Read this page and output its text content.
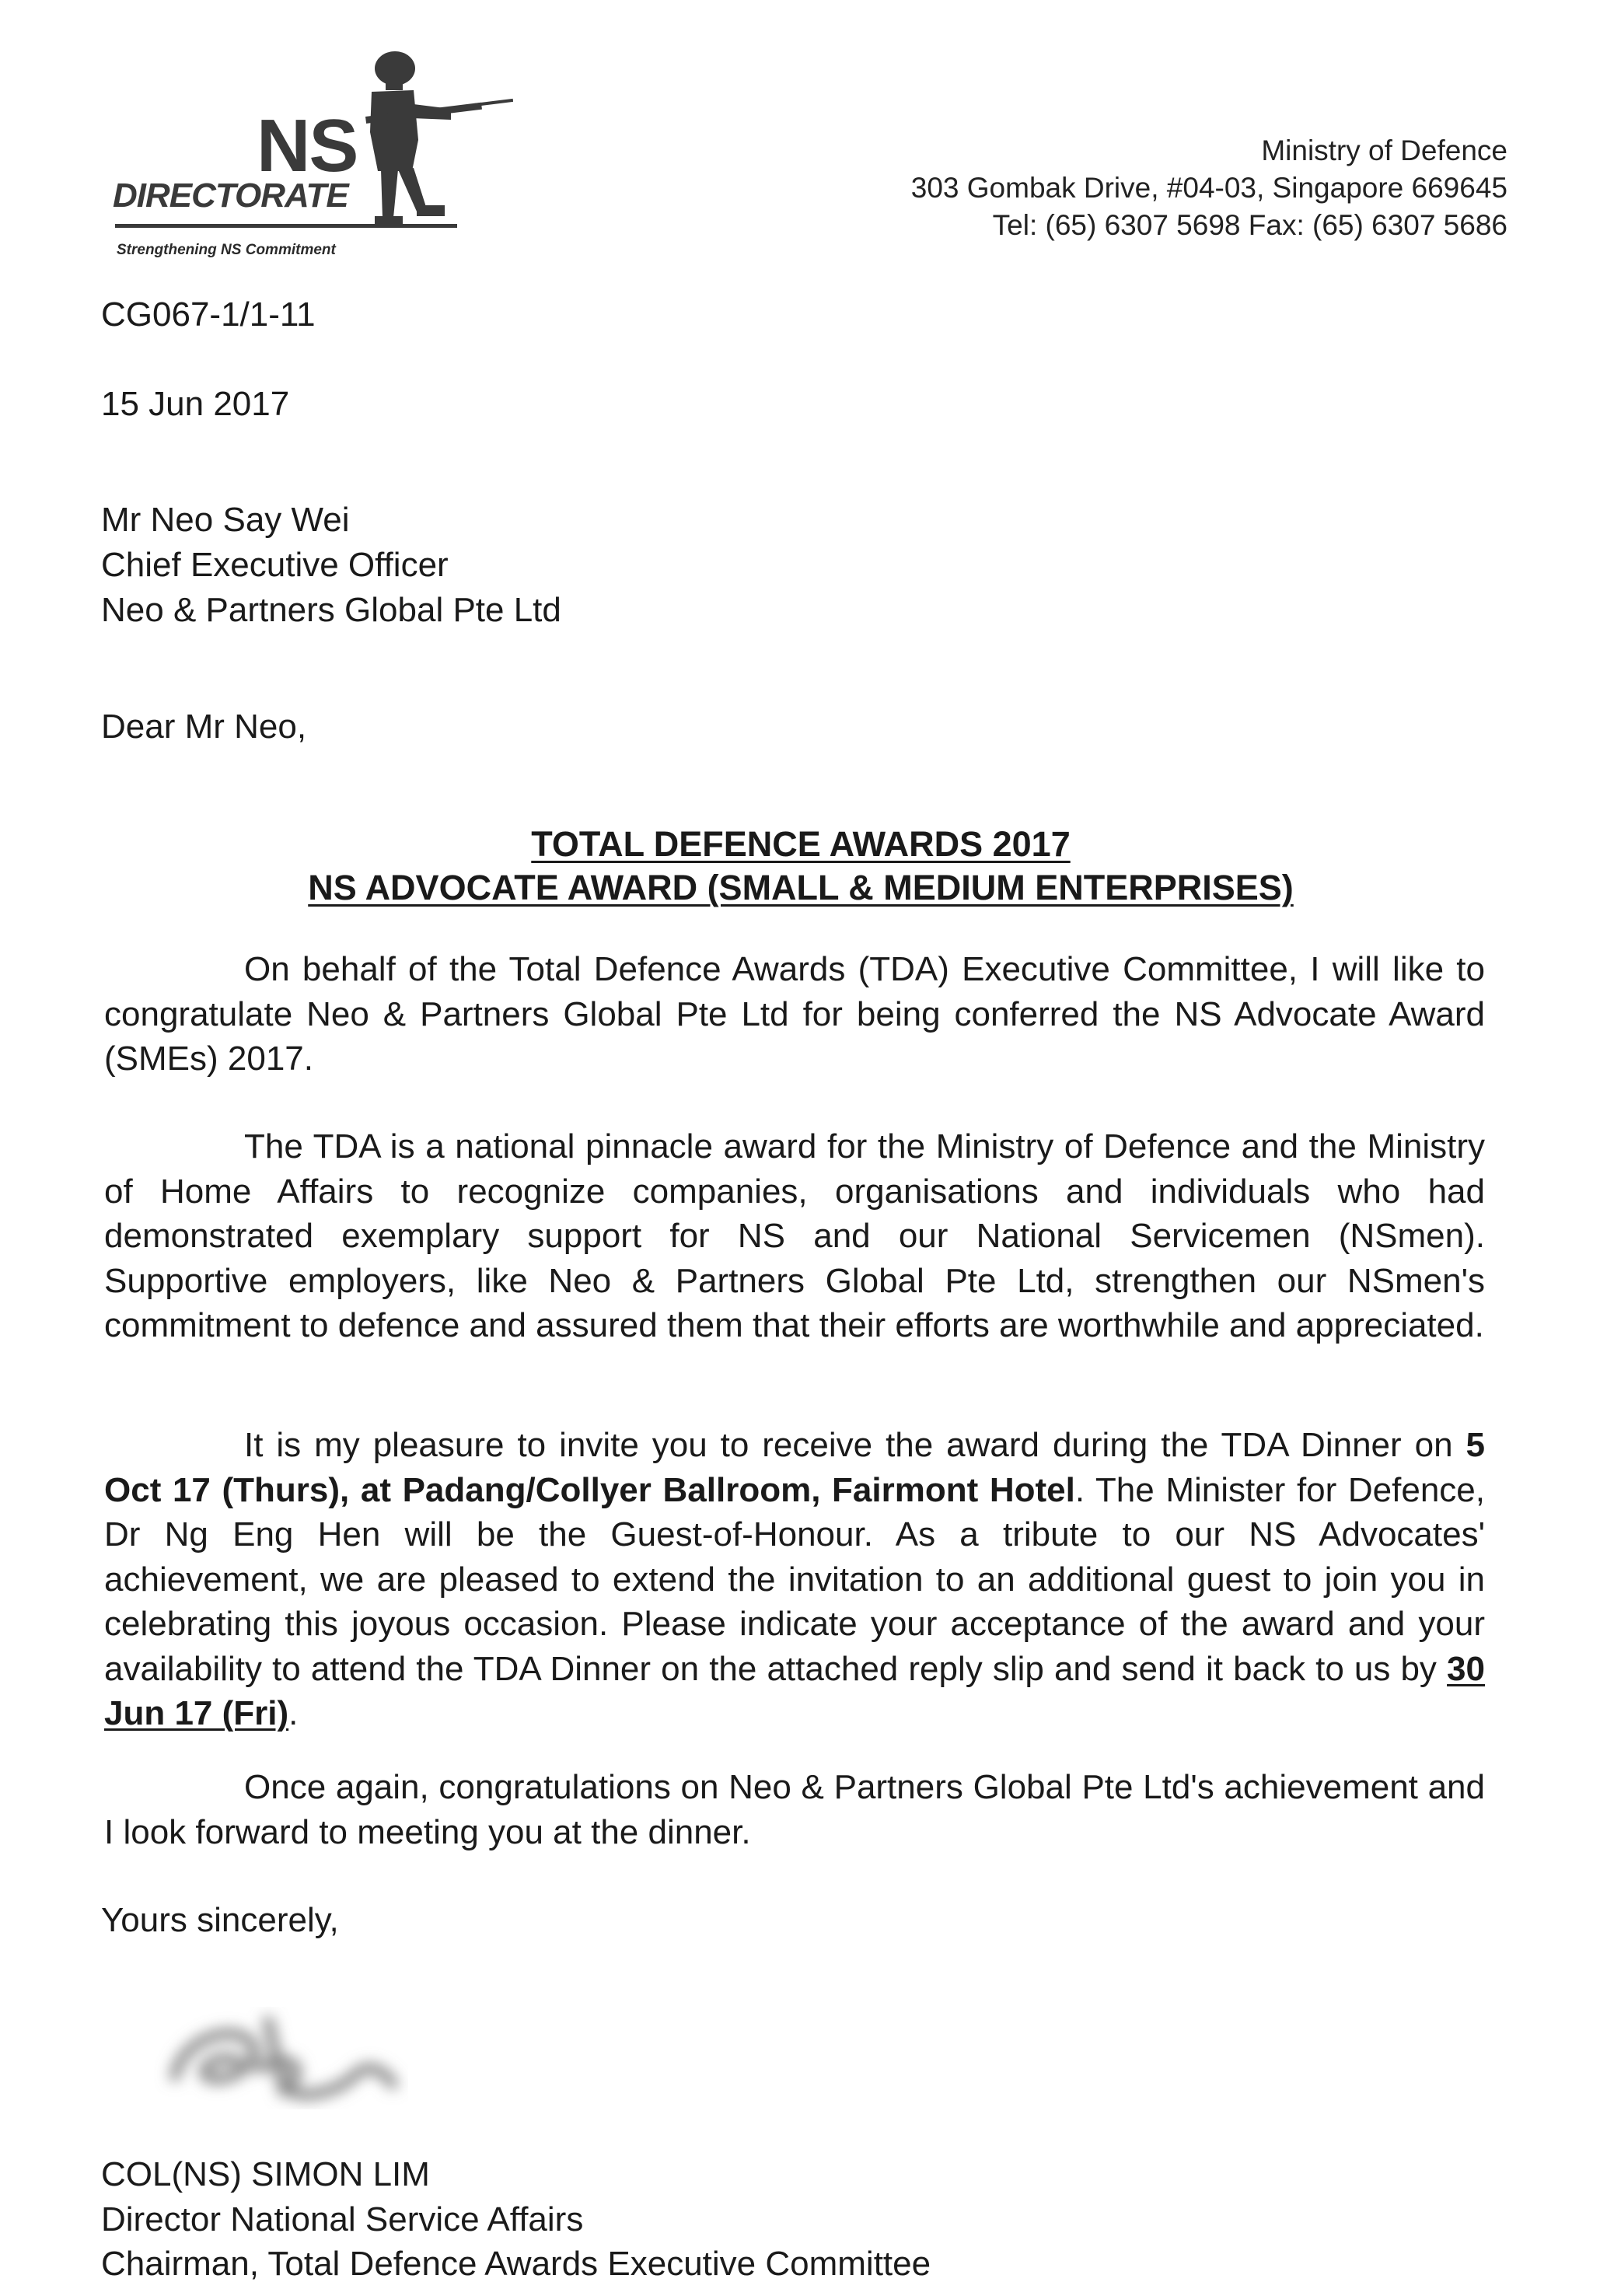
NS
DIRECTORATE
Strengthening NS Commitment
Ministry of Defence
303 Gombak Drive, #04-03, Singapore 669645
Tel: (65) 6307 5698 Fax: (65) 6307 5686
CG067-1/1-11
15 Jun 2017
Mr Neo Say Wei
Chief Executive Officer
Neo & Partners Global Pte Ltd
Dear Mr Neo,
TOTAL DEFENCE AWARDS 2017
NS ADVOCATE AWARD (SMALL & MEDIUM ENTERPRISES)

On behalf of the Total Defence Awards (TDA) Executive Committee, I will like to congratulate Neo & Partners Global Pte Ltd for being conferred the NS Advocate Award (SMEs) 2017.

The TDA is a national pinnacle award for the Ministry of Defence and the Ministry of Home Affairs to recognize companies, organisations and individuals who had demonstrated exemplary support for NS and our National Servicemen (NSmen). Supportive employers, like Neo & Partners Global Pte Ltd, strengthen our NSmen's commitment to defence and assured them that their efforts are worthwhile and appreciated.

It is my pleasure to invite you to receive the award during the TDA Dinner on 5 Oct 17 (Thurs), at Padang/Collyer Ballroom, Fairmont Hotel. The Minister for Defence, Dr Ng Eng Hen will be the Guest-of-Honour. As a tribute to our NS Advocates' achievement, we are pleased to extend the invitation to an additional guest to join you in celebrating this joyous occasion. Please indicate your acceptance of the award and your availability to attend the TDA Dinner on the attached reply slip and send it back to us by 30 Jun 17 (Fri).

Once again, congratulations on Neo & Partners Global Pte Ltd's achievement and I look forward to meeting you at the dinner.

Yours sincerely,
COL(NS) SIMON LIM
Director National Service Affairs
Chairman, Total Defence Awards Executive Committee
